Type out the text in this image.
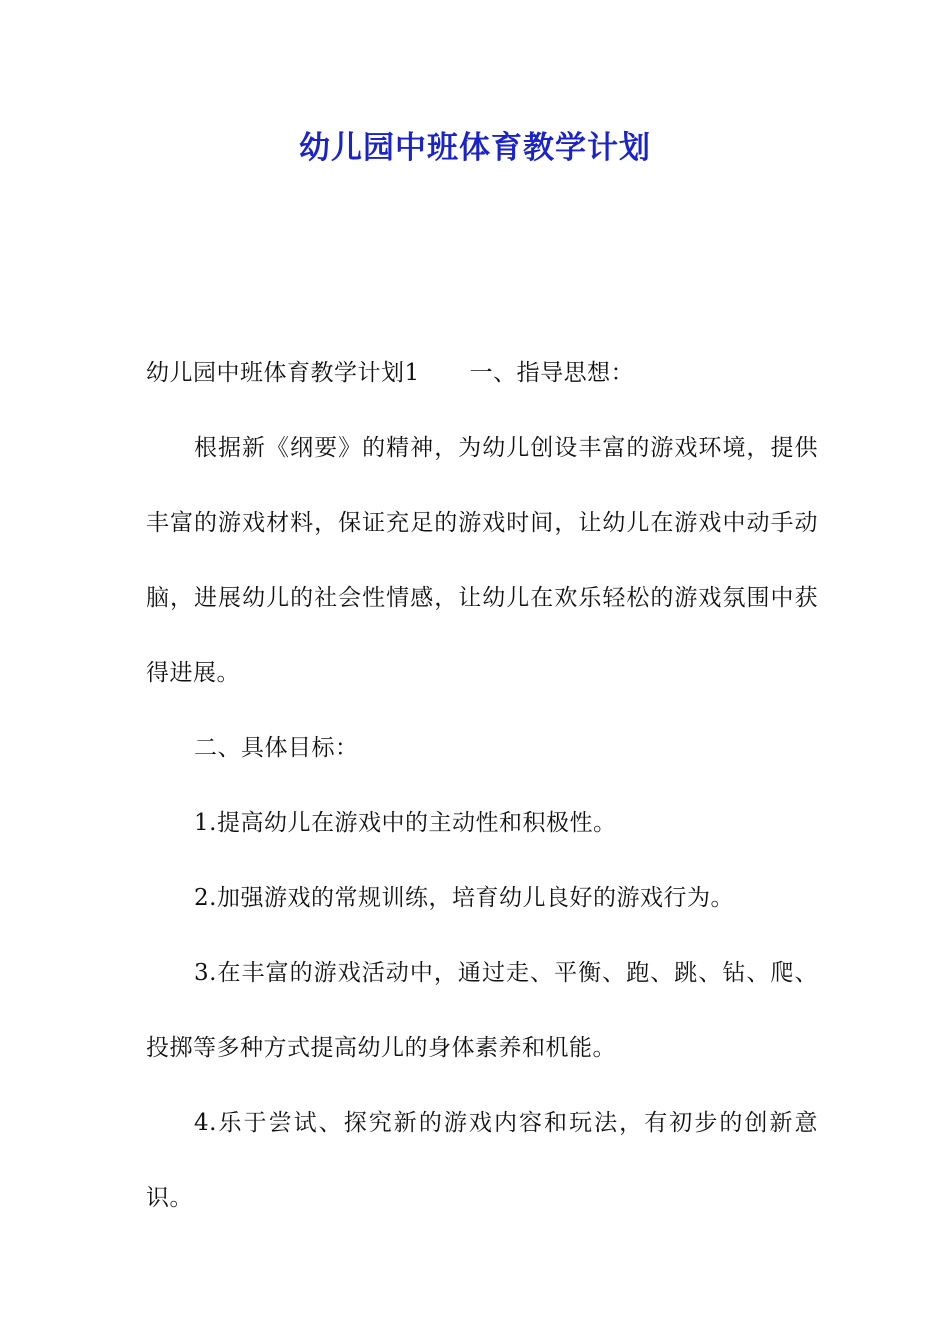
幼儿园中班体育教学计划

幼儿园中班体育教学计划1 一、指导思想：

根据新《纲要》的精神，为幼儿创设丰富的游戏环境，提供丰富的游戏材料，保证充足的游戏时间，让幼儿在游戏中动手动脑，进展幼儿的社会性情感，让幼儿在欢乐轻松的游戏氛围中获得进展。

二、具体目标：

1.提高幼儿在游戏中的主动性和积极性。

2.加强游戏的常规训练，培育幼儿良好的游戏行为。

3.在丰富的游戏活动中，通过走、平衡、跑、跳、钻、爬、投掷等多种方式提高幼儿的身体素养和机能。

4.乐于尝试、探究新的游戏内容和玩法，有初步的创新意识。
